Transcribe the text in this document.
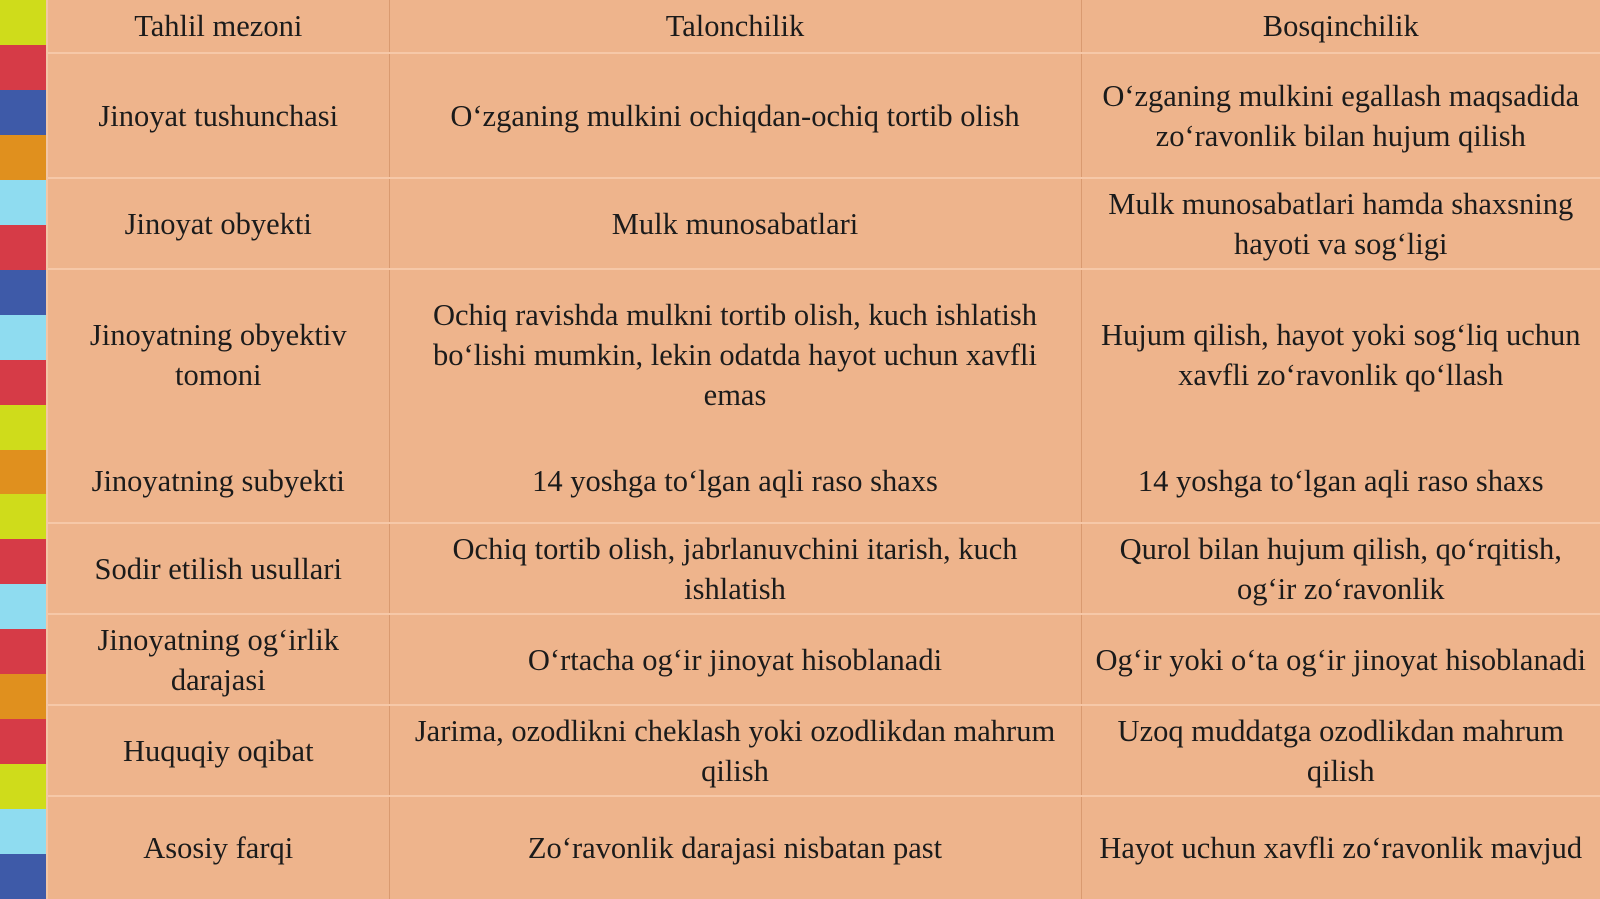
Tahlil mezoni	Talonchilik	Bosqinchilik
Jinoyat tushunchasi	O‘zganing mulkini ochiqdan-ochiq tortib olish	O‘zganing mulkini egallash maqsadida zo‘ravonlik bilan hujum qilish
Jinoyat obyekti	Mulk munosabatlari	Mulk munosabatlari hamda shaxsning hayoti va sog‘ligi
Jinoyatning obyektiv tomoni	Ochiq ravishda mulkni tortib olish, kuch ishlatish bo‘lishi mumkin, lekin odatda hayot uchun xavfli emas	Hujum qilish, hayot yoki sog‘liq uchun xavfli zo‘ravonlik qo‘llash
Jinoyatning subyekti	14 yoshga to‘lgan aqli raso shaxs	14 yoshga to‘lgan aqli raso shaxs
Sodir etilish usullari	Ochiq tortib olish, jabrlanuvchini itarish, kuch ishlatish	Qurol bilan hujum qilish, qo‘rqitish, og‘ir zo‘ravonlik
Jinoyatning og‘irlik darajasi	O‘rtacha og‘ir jinoyat hisoblanadi	Og‘ir yoki o‘ta og‘ir jinoyat hisoblanadi
Huquqiy oqibat	Jarima, ozodlikni cheklash yoki ozodlikdan mahrum qilish	Uzoq muddatga ozodlikdan mahrum qilish
Asosiy farqi	Zo‘ravonlik darajasi nisbatan past	Hayot uchun xavfli zo‘ravonlik mavjud
